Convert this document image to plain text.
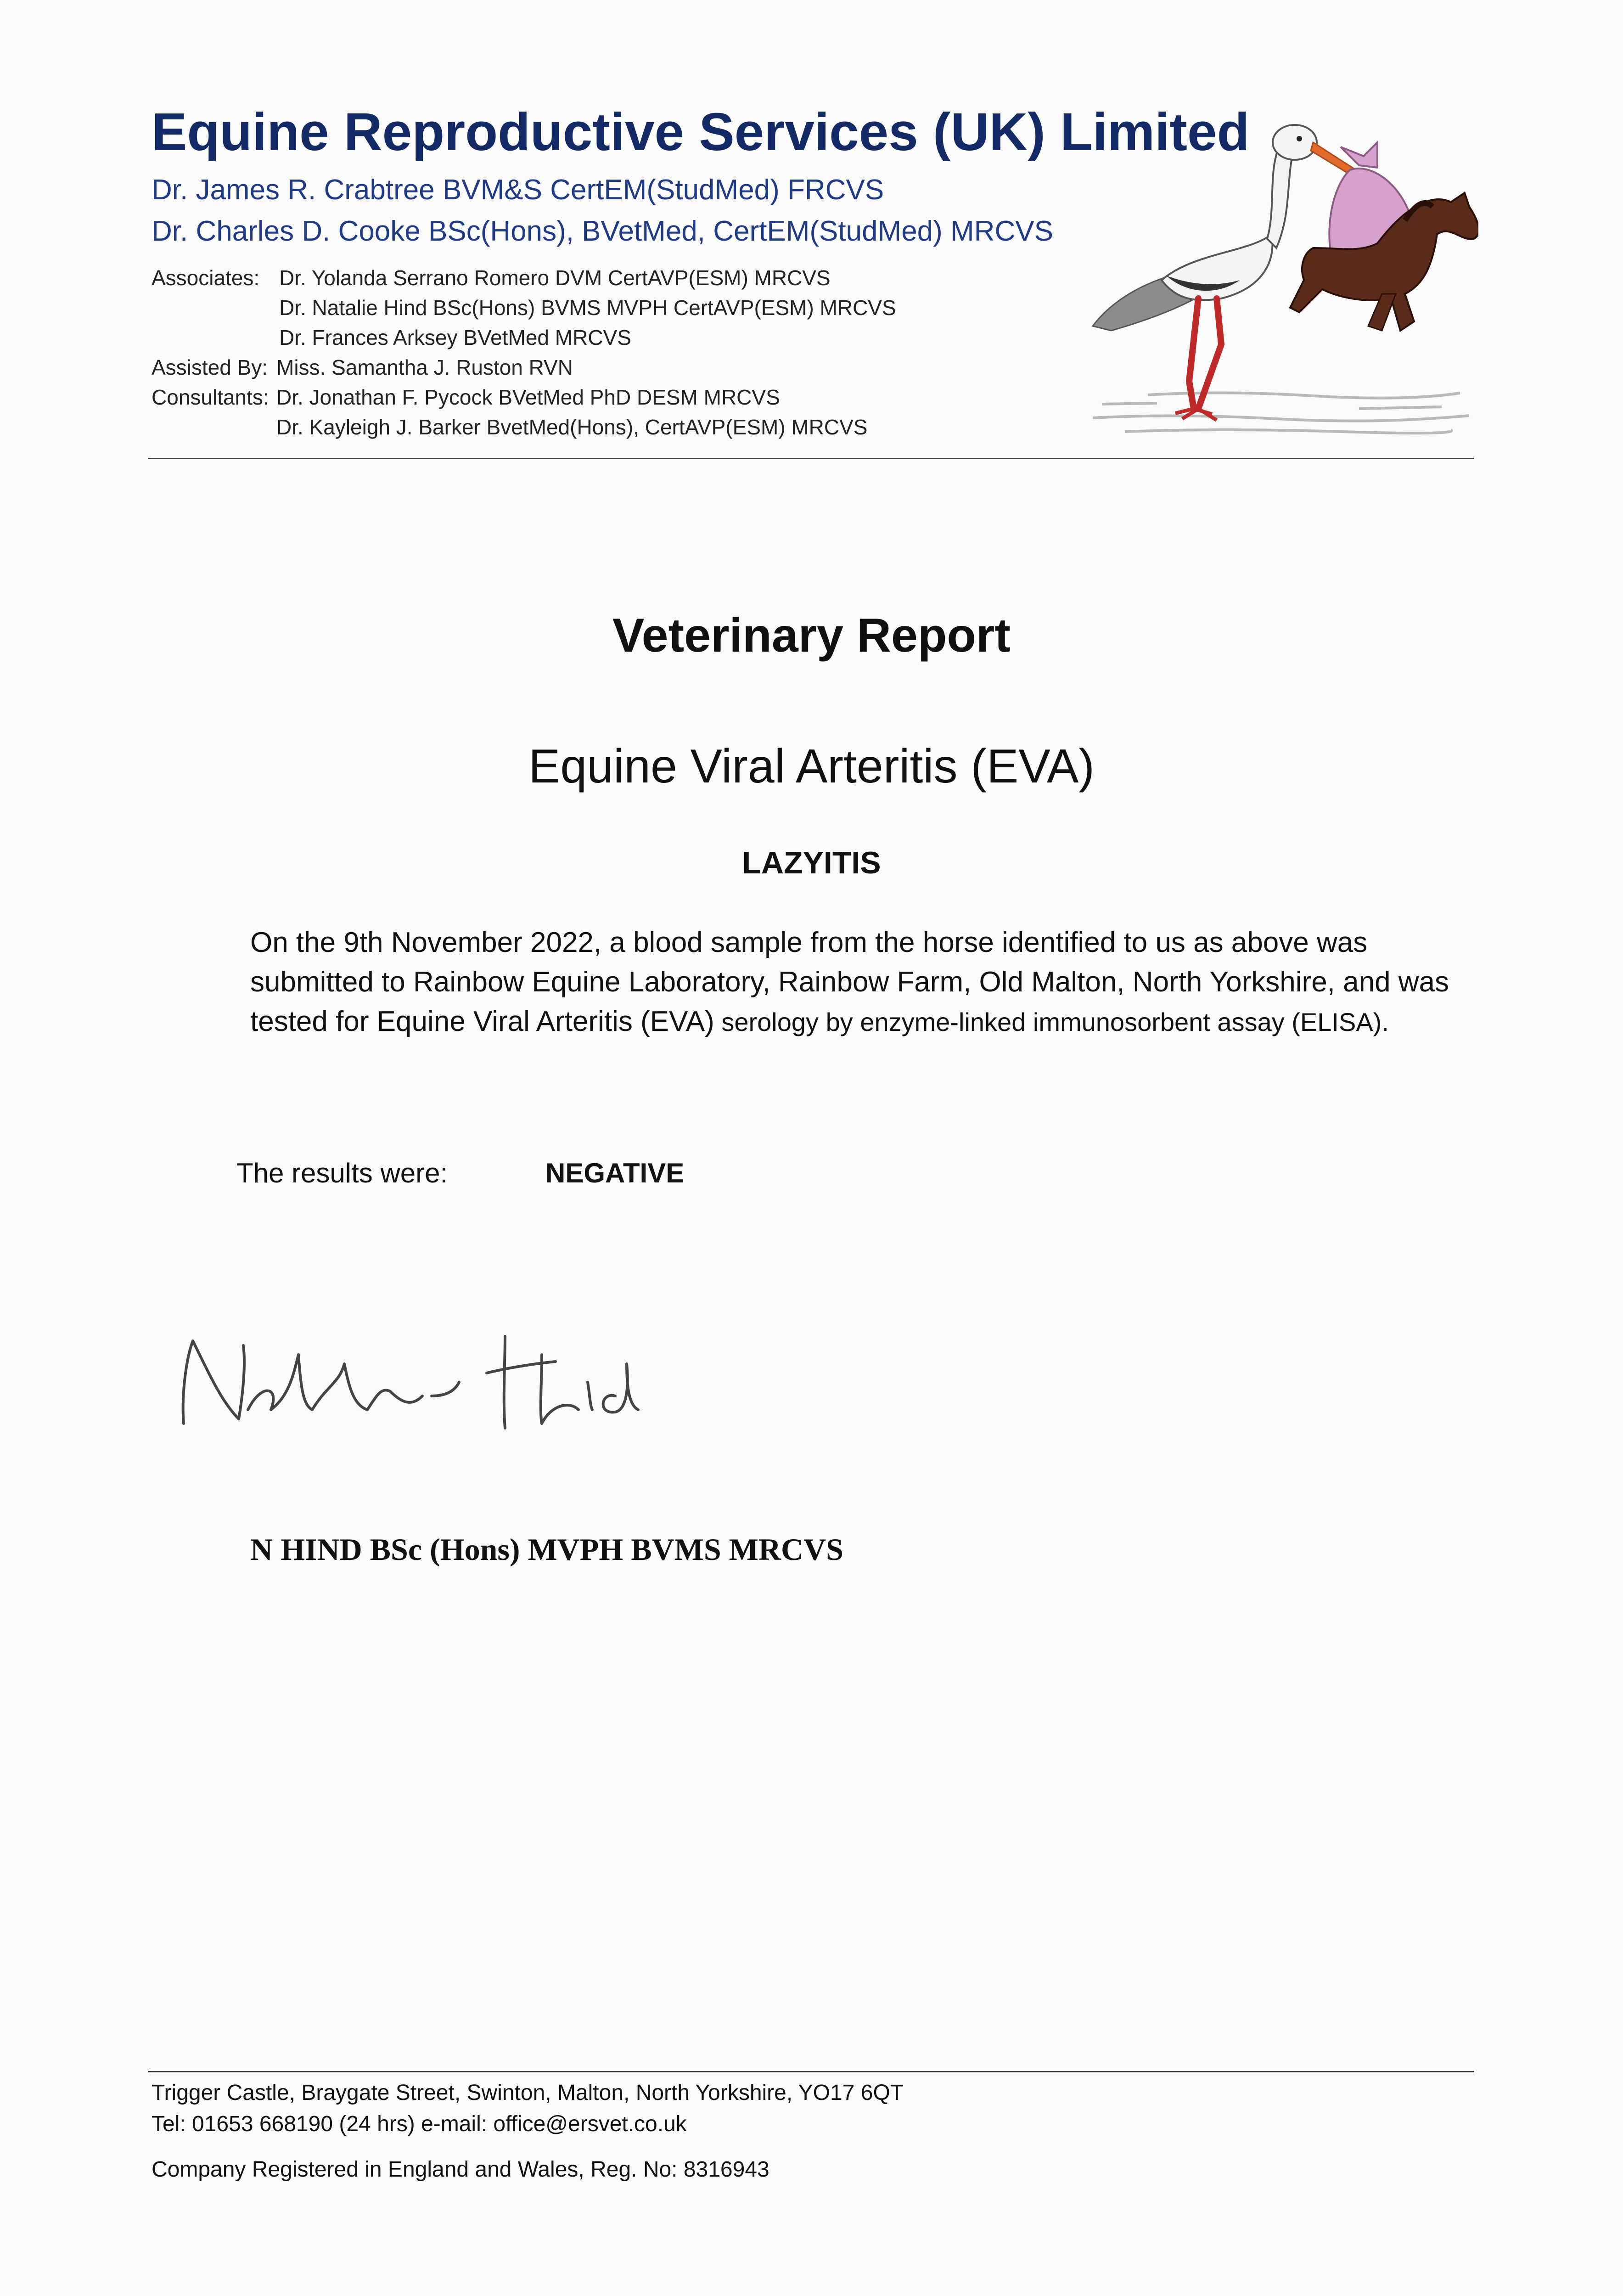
Equine Reproductive Services (UK) Limited
Dr. James R. Crabtree BVM&S CertEM(StudMed) FRCVS
Dr. Charles D. Cooke BSc(Hons), BVetMed, CertEM(StudMed) MRCVS
Associates: Dr. Yolanda Serrano Romero DVM CertAVP(ESM) MRCVS
Dr. Natalie Hind BSc(Hons) BVMS MVPH CertAVP(ESM) MRCVS
Dr. Frances Arksey BVetMed MRCVS
Assisted By: Miss. Samantha J. Ruston RVN
Consultants: Dr. Jonathan F. Pycock BVetMed PhD DESM MRCVS
Dr. Kayleigh J. Barker BvetMed(Hons), CertAVP(ESM) MRCVS
Veterinary Report
Equine Viral Arteritis (EVA)
LAZYITIS
On the 9th November 2022, a blood sample from the horse identified to us as above was submitted to Rainbow Equine Laboratory, Rainbow Farm, Old Malton, North Yorkshire, and was tested for Equine Viral Arteritis (EVA) serology by enzyme-linked immunosorbent assay (ELISA).
The results were:	NEGATIVE
N HIND BSc (Hons) MVPH BVMS MRCVS
Trigger Castle, Braygate Street, Swinton, Malton, North Yorkshire, YO17 6QT
Tel: 01653 668190 (24 hrs) e-mail: office@ersvet.co.uk
Company Registered in England and Wales, Reg. No: 8316943
